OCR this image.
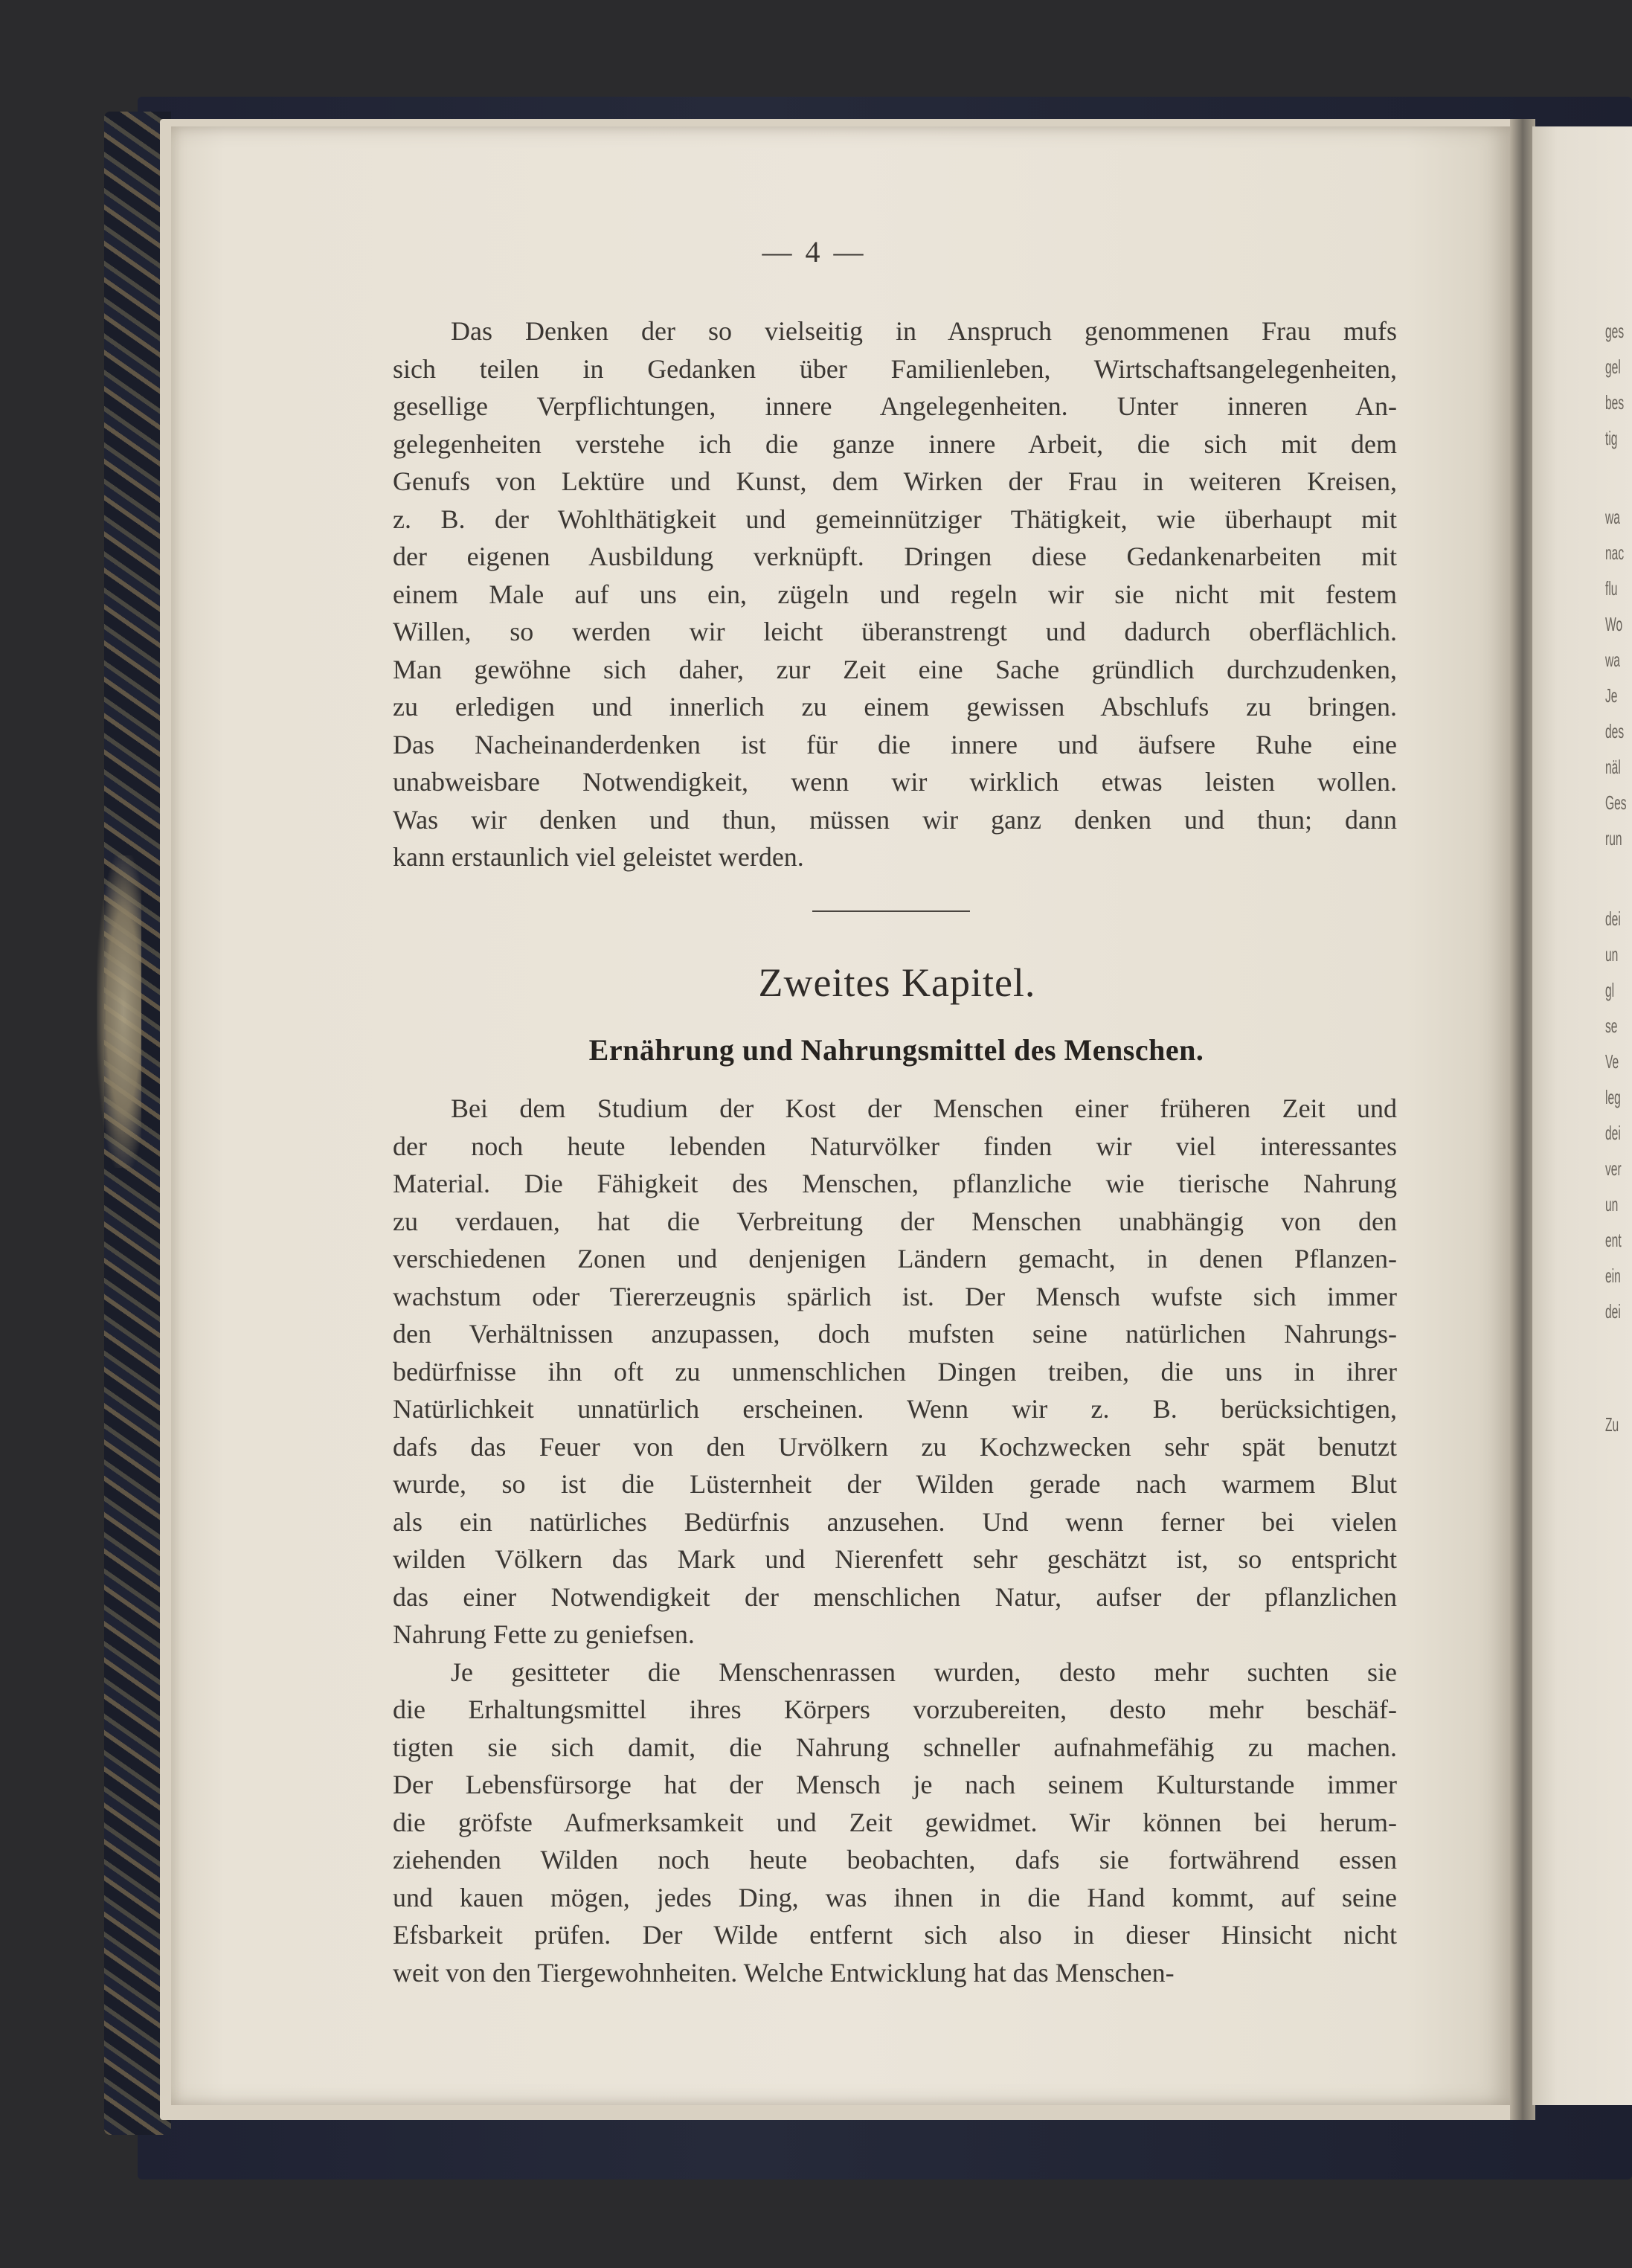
— 4 —
Das Denken der so vielseitig in Anspruch genommenen Frau mufs
sich teilen in Gedanken über Familienleben, Wirtschaftsangelegenheiten,
gesellige Verpflichtungen, innere Angelegenheiten. Unter inneren An-
gelegenheiten verstehe ich die ganze innere Arbeit, die sich mit dem
Genufs von Lektüre und Kunst, dem Wirken der Frau in weiteren Kreisen,
z. B. der Wohlthätigkeit und gemeinnütziger Thätigkeit, wie überhaupt mit
der eigenen Ausbildung verknüpft. Dringen diese Gedankenarbeiten mit
einem Male auf uns ein, zügeln und regeln wir sie nicht mit festem
Willen, so werden wir leicht überanstrengt und dadurch oberflächlich.
Man gewöhne sich daher, zur Zeit eine Sache gründlich durchzudenken,
zu erledigen und innerlich zu einem gewissen Abschlufs zu bringen.
Das Nacheinanderdenken ist für die innere und äufsere Ruhe eine
unabweisbare Notwendigkeit, wenn wir wirklich etwas leisten wollen.
Was wir denken und thun, müssen wir ganz denken und thun; dann
kann erstaunlich viel geleistet werden.
Zweites Kapitel.
Ernährung und Nahrungsmittel des Menschen.
Bei dem Studium der Kost der Menschen einer früheren Zeit und
der noch heute lebenden Naturvölker finden wir viel interessantes
Material. Die Fähigkeit des Menschen, pflanzliche wie tierische Nahrung
zu verdauen, hat die Verbreitung der Menschen unabhängig von den
verschiedenen Zonen und denjenigen Ländern gemacht, in denen Pflanzen-
wachstum oder Tiererzeugnis spärlich ist. Der Mensch wufste sich immer
den Verhältnissen anzupassen, doch mufsten seine natürlichen Nahrungs-
bedürfnisse ihn oft zu unmenschlichen Dingen treiben, die uns in ihrer
Natürlichkeit unnatürlich erscheinen. Wenn wir z. B. berücksichtigen,
dafs das Feuer von den Urvölkern zu Kochzwecken sehr spät benutzt
wurde, so ist die Lüsternheit der Wilden gerade nach warmem Blut
als ein natürliches Bedürfnis anzusehen. Und wenn ferner bei vielen
wilden Völkern das Mark und Nierenfett sehr geschätzt ist, so entspricht
das einer Notwendigkeit der menschlichen Natur, aufser der pflanzlichen
Nahrung Fette zu geniefsen.
Je gesitteter die Menschenrassen wurden, desto mehr suchten sie
die Erhaltungsmittel ihres Körpers vorzubereiten, desto mehr beschäf-
tigten sie sich damit, die Nahrung schneller aufnahmefähig zu machen.
Der Lebensfürsorge hat der Mensch je nach seinem Kulturstande immer
die gröfste Aufmerksamkeit und Zeit gewidmet. Wir können bei herum-
ziehenden Wilden noch heute beobachten, dafs sie fortwährend essen
und kauen mögen, jedes Ding, was ihnen in die Hand kommt, auf seine
Efsbarkeit prüfen. Der Wilde entfernt sich also in dieser Hinsicht nicht
weit von den Tiergewohnheiten. Welche Entwicklung hat das Menschen-
ges
gel
bes
tig
wa
nac
flu
Wo
wa
Je
des
näl
Ges
run
dei
un
gl
se
Ve
leg
dei
ver
un
ent
ein
dei
Zu
